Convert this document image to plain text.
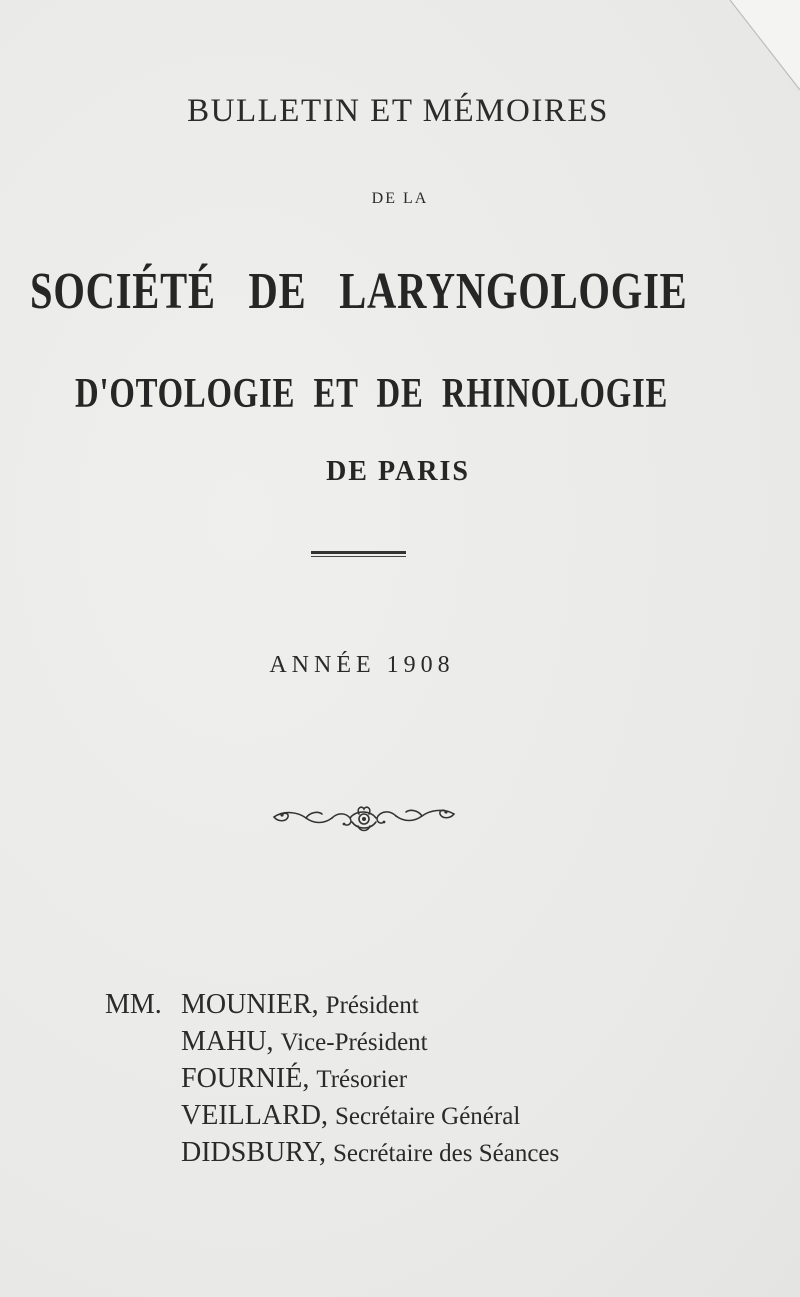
BULLETIN ET MÉMOIRES
DE LA
SOCIÉTÉ DE LARYNGOLOGIE
D'OTOLOGIE ET DE RHINOLOGIE
DE PARIS
ANNÉE 1908
MM. MOUNIER, Président
MAHU, Vice-Président
FOURNIÉ, Trésorier
VEILLARD, Secrétaire Général
DIDSBURY, Secrétaire des Séances
